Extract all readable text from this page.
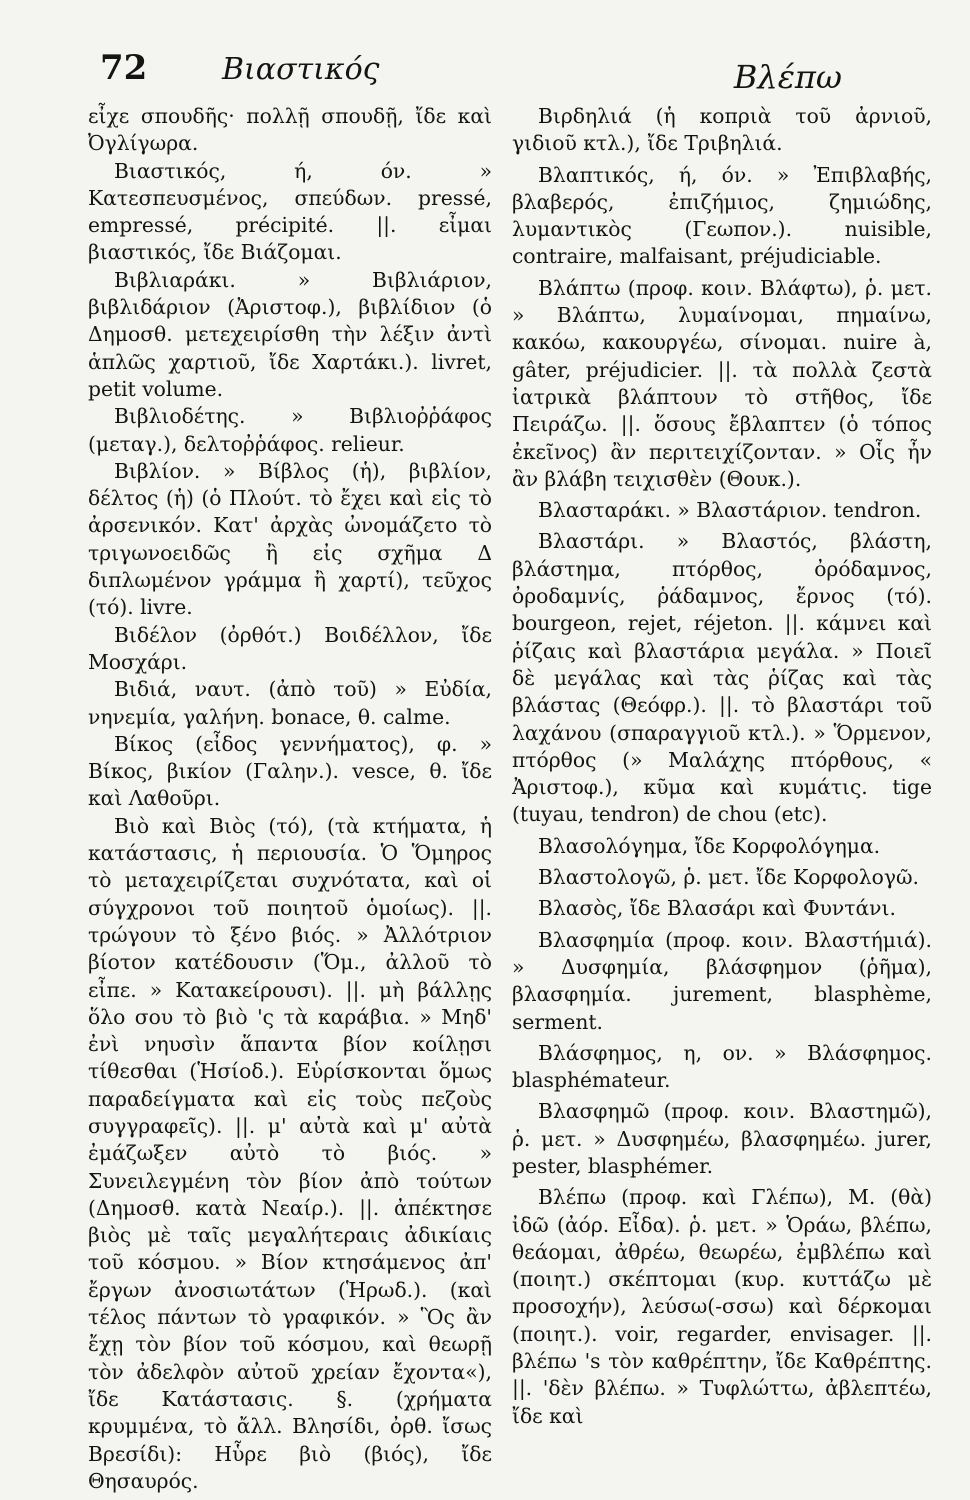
72 Βιαστικός	Βλέπω

εἶχε σπουδῆς· πολλῇ σπουδῇ, ἴδε καὶ Ὀγλίγωρα.

Βιαστικός, ή, όν. » Κατεσπευσμένος, σπεύδων. pressé, empressé, précipité. ||. εἶμαι βιαστικός, ἴδε Βιάζομαι.

Βιβλιαράκι. » Βιβλιάριον, βιβλιδάριον (Ἀριστοφ.), βιβλίδιον (ὁ Δημοσθ. μετεχειρίσθη τὴν λέξιν ἀντὶ ἁπλῶς χαρτιοῦ, ἴδε Χαρτάκι.). livret, petit volume.

Βιβλιοδέτης. » Βιβλιοῤῥάφος (μεταγ.), δελτοῤῥάφος. relieur.

Βιβλίον. » Βίβλος (ἡ), βιβλίον, δέλτος (ἡ) (ὁ Πλούτ. τὸ ἔχει καὶ εἰς τὸ ἀρσενικόν. Κατ' ἀρχὰς ὠνομάζετο τὸ τριγωνοειδῶς ἢ εἰς σχῆμα Δ διπλωμένον γράμμα ἢ χαρτί), τεῦχος (τό). livre.

Βιδέλον (ὀρθότ.) Βοιδέλλον, ἴδε Μοσχάρι.

Βιδιά, ναυτ. (ἀπὸ τοῦ) » Εὐδία, νηνεμία, γαλήνη. bonace, θ. calme.

Βίκος (εἶδος γεννήματος), φ. » Βίκος, βικίον (Γαλην.). vesce, θ. ἴδε καὶ Λαθοῦρι.

Βιὸ καὶ Βιὸς (τό), (τὰ κτήματα, ἡ κατάστασις, ἡ περιουσία. Ὁ Ὅμηρος τὸ μεταχειρίζεται συχνότατα, καὶ οἱ σύγχρονοι τοῦ ποιητοῦ ὁμοίως). ||. τρώγουν τὸ ξένο βιός. » Ἀλλότριον βίοτον κατέδουσιν (Ὅμ., ἀλλοῦ τὸ εἶπε. » Κατακείρουσι). ||. μὴ βάλλῃς ὅλο σου τὸ βιὸ 'ς τὰ καράβια. » Μηδ' ἐνὶ νηυσὶν ἅπαντα βίον κοίλῃσι τίθεσθαι (Ἡσίοδ.). Εὑρίσκονται ὅμως παραδείγματα καὶ εἰς τοὺς πεζοὺς συγγραφεῖς). ||. μ' αὐτὰ καὶ μ' αὐτὰ ἐμάζωξεν αὐτὸ τὸ βιός. » Συνειλεγμένη τὸν βίον ἀπὸ τούτων (Δημοσθ. κατὰ Νεαίρ.). ||. ἀπέκτησε βιὸς μὲ ταῖς μεγαλήτεραις ἀδικίαις τοῦ κόσμου. » Βίον κτησάμενος ἀπ' ἔργων ἀνοσιωτάτων (Ἡρωδ.). (καὶ τέλος πάντων τὸ γραφικόν. » Ὃς ἂν ἔχῃ τὸν βίον τοῦ κόσμου, καὶ θεωρῇ τὸν ἀδελφὸν αὐτοῦ χρείαν ἔχοντα«), ἴδε Κατάστασις. §. (χρήματα κρυμμένα, τὸ ἄλλ. Βλησίδι, ὀρθ. ἴσως Βρεσίδι): Ηὗρε βιὸ (βιός), ἴδε Θησαυρός.

Βιρδηλιά (ἡ κοπριὰ τοῦ ἀρνιοῦ, γιδιοῦ κτλ.), ἴδε Τριβηλιά.

Βλαπτικός, ή, όν. » Ἐπιβλαβής, βλαβερός, ἐπιζήμιος, ζημιώδης, λυμαντικὸς (Γεωπον.). nuisible, contraire, malfaisant, préjudiciable.

Βλάπτω (προφ. κοιν. Βλάφτω), ῥ. μετ. » Βλάπτω, λυμαίνομαι, πημαίνω, κακόω, κακουργέω, σίνομαι. nuire à, gâter, préjudicier. ||. τὰ πολλὰ ζεστὰ ἰατρικὰ βλάπτουν τὸ στῆθος, ἴδε Πειράζω. ||. ὅσους ἔβλαπτεν (ὁ τόπος ἐκεῖνος) ἂν περιτειχίζονταν. » Οἷς ἦν ἂν βλάβη τειχισθὲν (Θουκ.).

Βλασταράκι. » Βλαστάριον. tendron.

Βλαστάρι. » Βλαστός, βλάστη, βλάστημα, πτόρθος, ὀρόδαμνος, ὀροδαμνίς, ῥάδαμνος, ἔρνος (τό). bourgeon, rejet, réjeton. ||. κάμνει καὶ ῥίζαις καὶ βλαστάρια μεγάλα. » Ποιεῖ δὲ μεγάλας καὶ τὰς ῥίζας καὶ τὰς βλάστας (Θεόφρ.). ||. τὸ βλαστάρι τοῦ λαχάνου (σπαραγγιοῦ κτλ.). » Ὅρμενον, πτόρθος (» Μαλάχης πτόρθους, « Ἀριστοφ.), κῦμα καὶ κυμάτις. tige (tuyau, tendron) de chou (etc).

Βλασολόγημα, ἴδε Κορφολόγημα.

Βλαστολογῶ, ῥ. μετ. ἴδε Κορφολογῶ.

Βλασὸς, ἴδε Βλασάρι καὶ Φυντάνι.

Βλασφημία (προφ. κοιν. Βλαστήμιά). » Δυσφημία, βλάσφημον (ῥῆμα), βλασφημία. jurement, blasphème, serment.

Βλάσφημος, η, ον. » Βλάσφημος. blasphémateur.

Βλασφημῶ (προφ. κοιν. Βλαστημῶ), ῥ. μετ. » Δυσφημέω, βλασφημέω. jurer, pester, blasphémer.

Βλέπω (προφ. καὶ Γλέπω), Μ. (θὰ) ἰδῶ (ἀόρ. Εἶδα). ῥ. μετ. » Ὁράω, βλέπω, θεάομαι, ἀθρέω, θεωρέω, ἐμβλέπω καὶ (ποιητ.) σκέπτομαι (κυρ. κυττάζω μὲ προσοχήν), λεύσω(-σσω) καὶ δέρκομαι (ποιητ.). voir, regarder, envisager. ||. βλέπω 's τὸν καθρέπτην, ἴδε Καθρέπτης. ||. 'δὲν βλέπω. » Τυφλώττω, ἀβλεπτέω, ἴδε καὶ
